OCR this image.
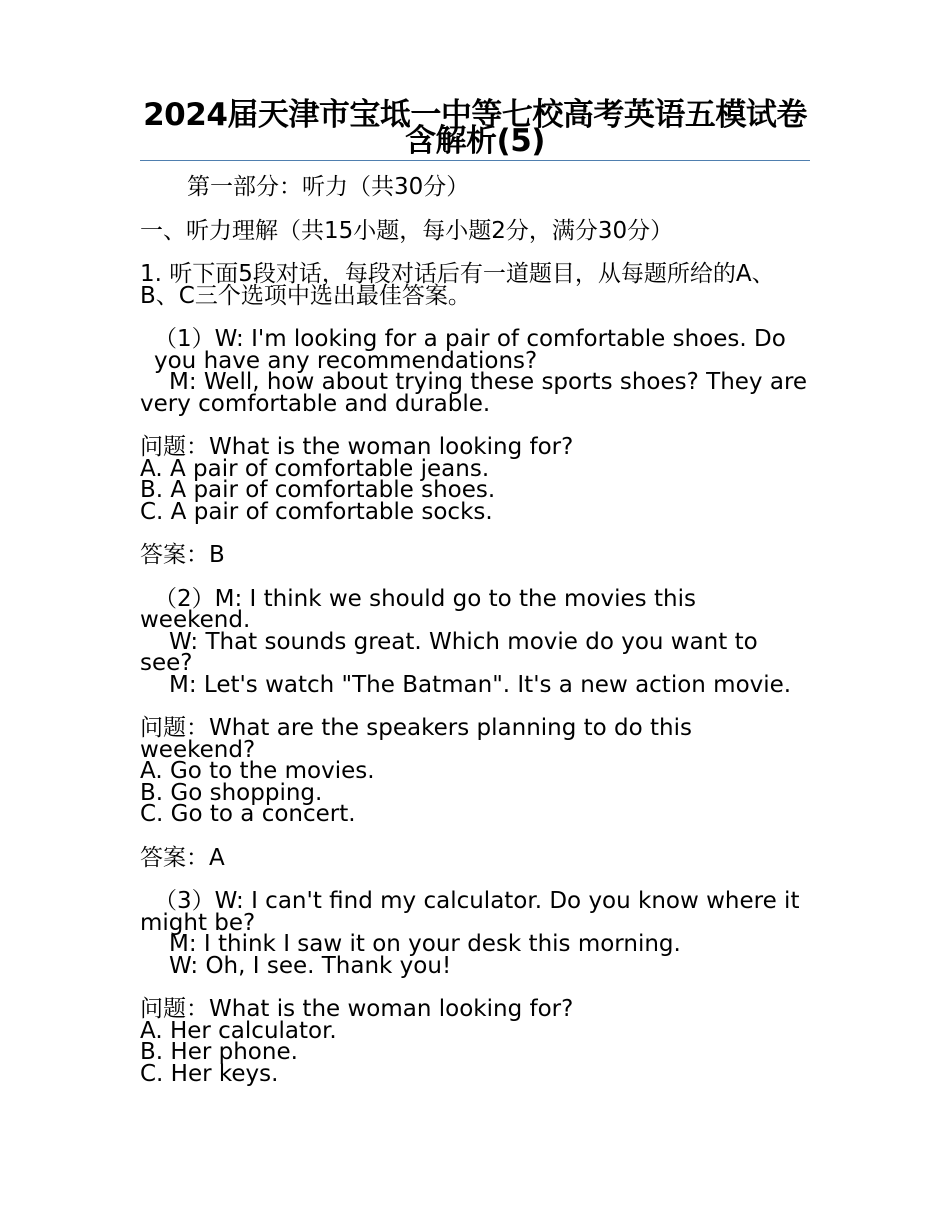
2024届天津市宝坻一中等七校高考英语五模试卷含解析(5)
第一部分：听力（共30分）
一、听力理解（共15小题，每小题2分，满分30分）
1. 听下面5段对话，每段对话后有一道题目，从每题所给的A、B、C三个选项中选出最佳答案。
（1）W: I'm looking for a pair of comfortable shoes. Do you have any recommendations?
M: Well, how about trying these sports shoes? They are very comfortable and durable.
问题：What is the woman looking for?
A. A pair of comfortable jeans.
B. A pair of comfortable shoes.
C. A pair of comfortable socks.
答案：B
（2）M: I think we should go to the movies this weekend.
W: That sounds great. Which movie do you want to see?
M: Let's watch "The Batman". It's a new action movie.
问题：What are the speakers planning to do this weekend?
A. Go to the movies.
B. Go shopping.
C. Go to a concert.
答案：A
（3）W: I can't find my calculator. Do you know where it might be?
M: I think I saw it on your desk this morning.
W: Oh, I see. Thank you!
问题：What is the woman looking for?
A. Her calculator.
B. Her phone.
C. Her keys.
